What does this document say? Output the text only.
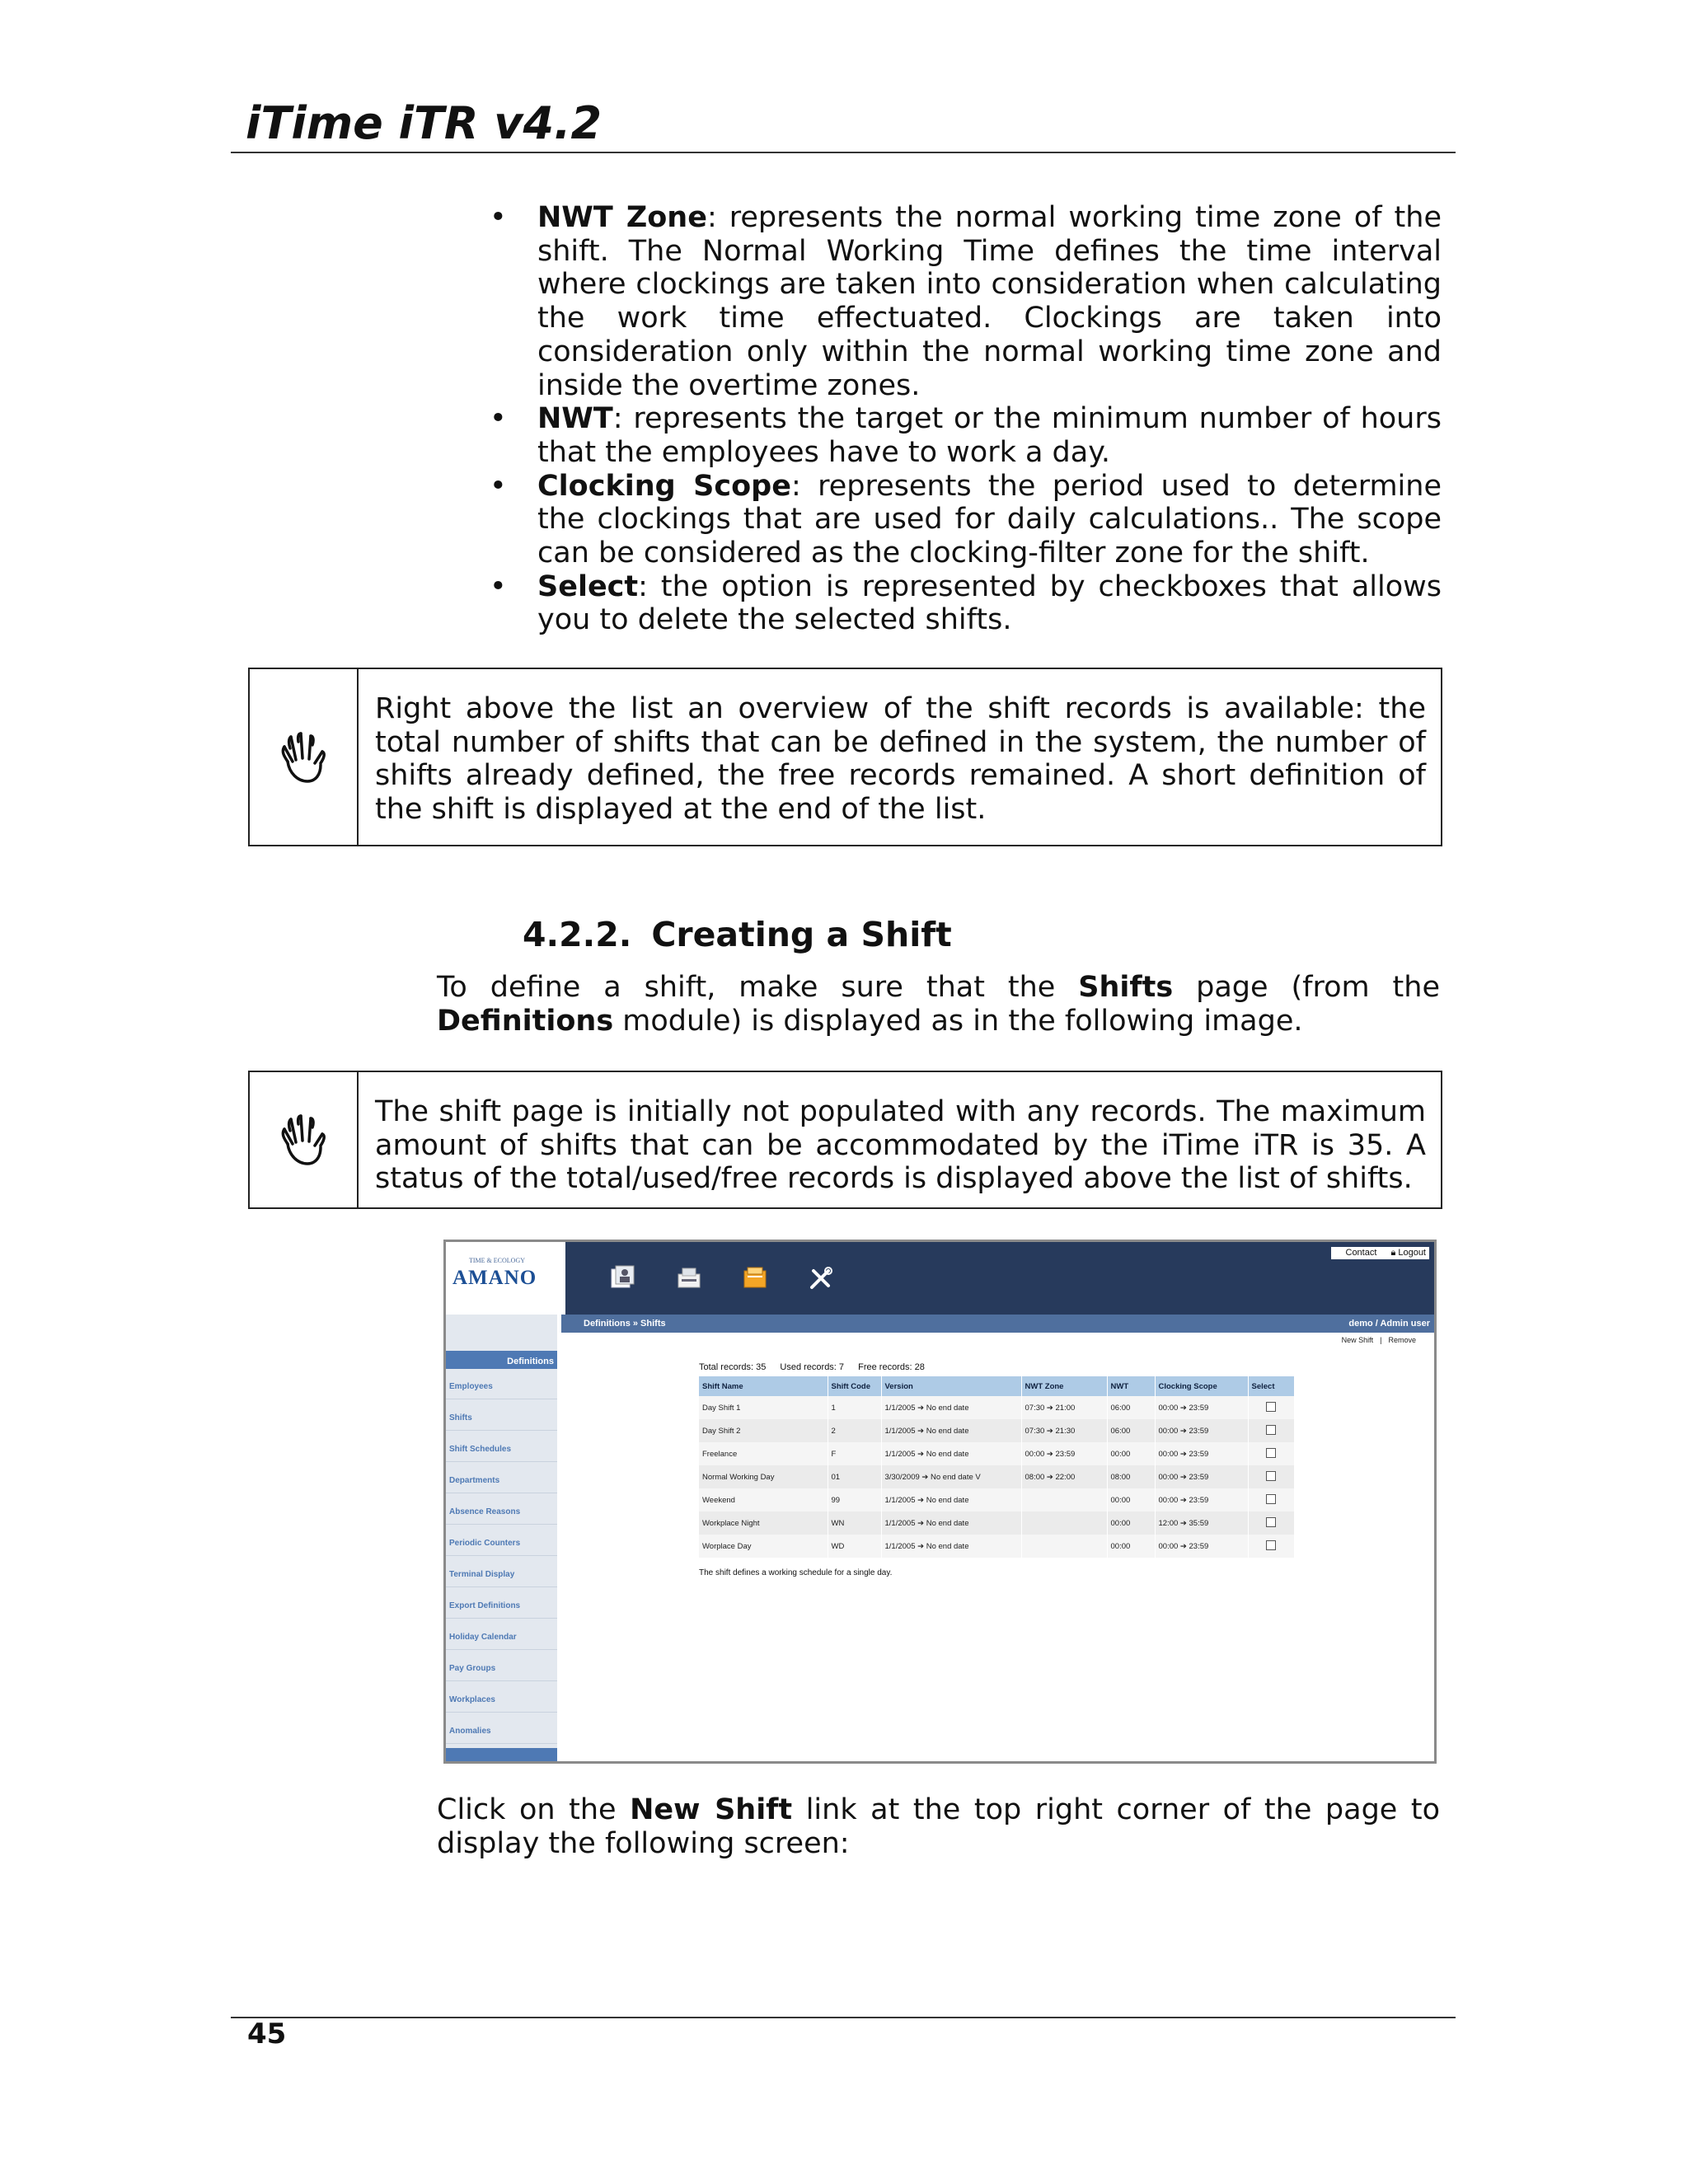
iTime iTR v4.2
• NWT Zone: represents the normal working time zone of the shift. The Normal Working Time defines the time interval where clockings are taken into consideration when calculating the work time effectuated. Clockings are taken into consideration only within the normal working time zone and inside the overtime zones.
• NWT: represents the target or the minimum number of hours that the employees have to work a day.
• Clocking Scope: represents the period used to determine the clockings that are used for daily calculations.. The scope can be considered as the clocking-filter zone for the shift.
• Select: the option is represented by checkboxes that allows you to delete the selected shifts.
Right above the list an overview of the shift records is available: the total number of shifts that can be defined in the system, the number of shifts already defined, the free records remained. A short definition of the shift is displayed at the end of the list.
4.2.2. Creating a Shift

To define a shift, make sure that the Shifts page (from the Definitions module) is displayed as in the following image.

The shift page is initially not populated with any records. The maximum amount of shifts that can be accommodated by the iTime iTR is 35. A status of the total/used/free records is displayed above the list of shifts.
TIME & ECOLOGY
AMANO
Contact 🔒︎ Logout
Definitions » Shifts	demo / Admin user
Definitions
Employees
Shifts
Shift Schedules
Departments
Absence Reasons
Periodic Counters
Terminal Display
Export Definitions
Holiday Calendar
Pay Groups
Workplaces
Anomalies
New Shift | Remove
Total records: 35 Used records: 7 Free records: 28
Shift Name	Shift Code	Version	NWT Zone	NWT	Clocking Scope	Select
Day Shift 1	1	1/1/2005 ➔ No end date	07:30 ➔ 21:00	06:00	00:00 ➔ 23:59	
Day Shift 2	2	1/1/2005 ➔ No end date	07:30 ➔ 21:30	06:00	00:00 ➔ 23:59	
Freelance	F	1/1/2005 ➔ No end date	00:00 ➔ 23:59	00:00	00:00 ➔ 23:59	
Normal Working Day	01	3/30/2009 ➔ No end date V	08:00 ➔ 22:00	08:00	00:00 ➔ 23:59	
Weekend	99	1/1/2005 ➔ No end date		00:00	00:00 ➔ 23:59	
Workplace Night	WN	1/1/2005 ➔ No end date		00:00	12:00 ➔ 35:59	
Worplace Day	WD	1/1/2005 ➔ No end date		00:00	00:00 ➔ 23:59	
The shift defines a working schedule for a single day.

Click on the New Shift link at the top right corner of the page to display the following screen:

45
